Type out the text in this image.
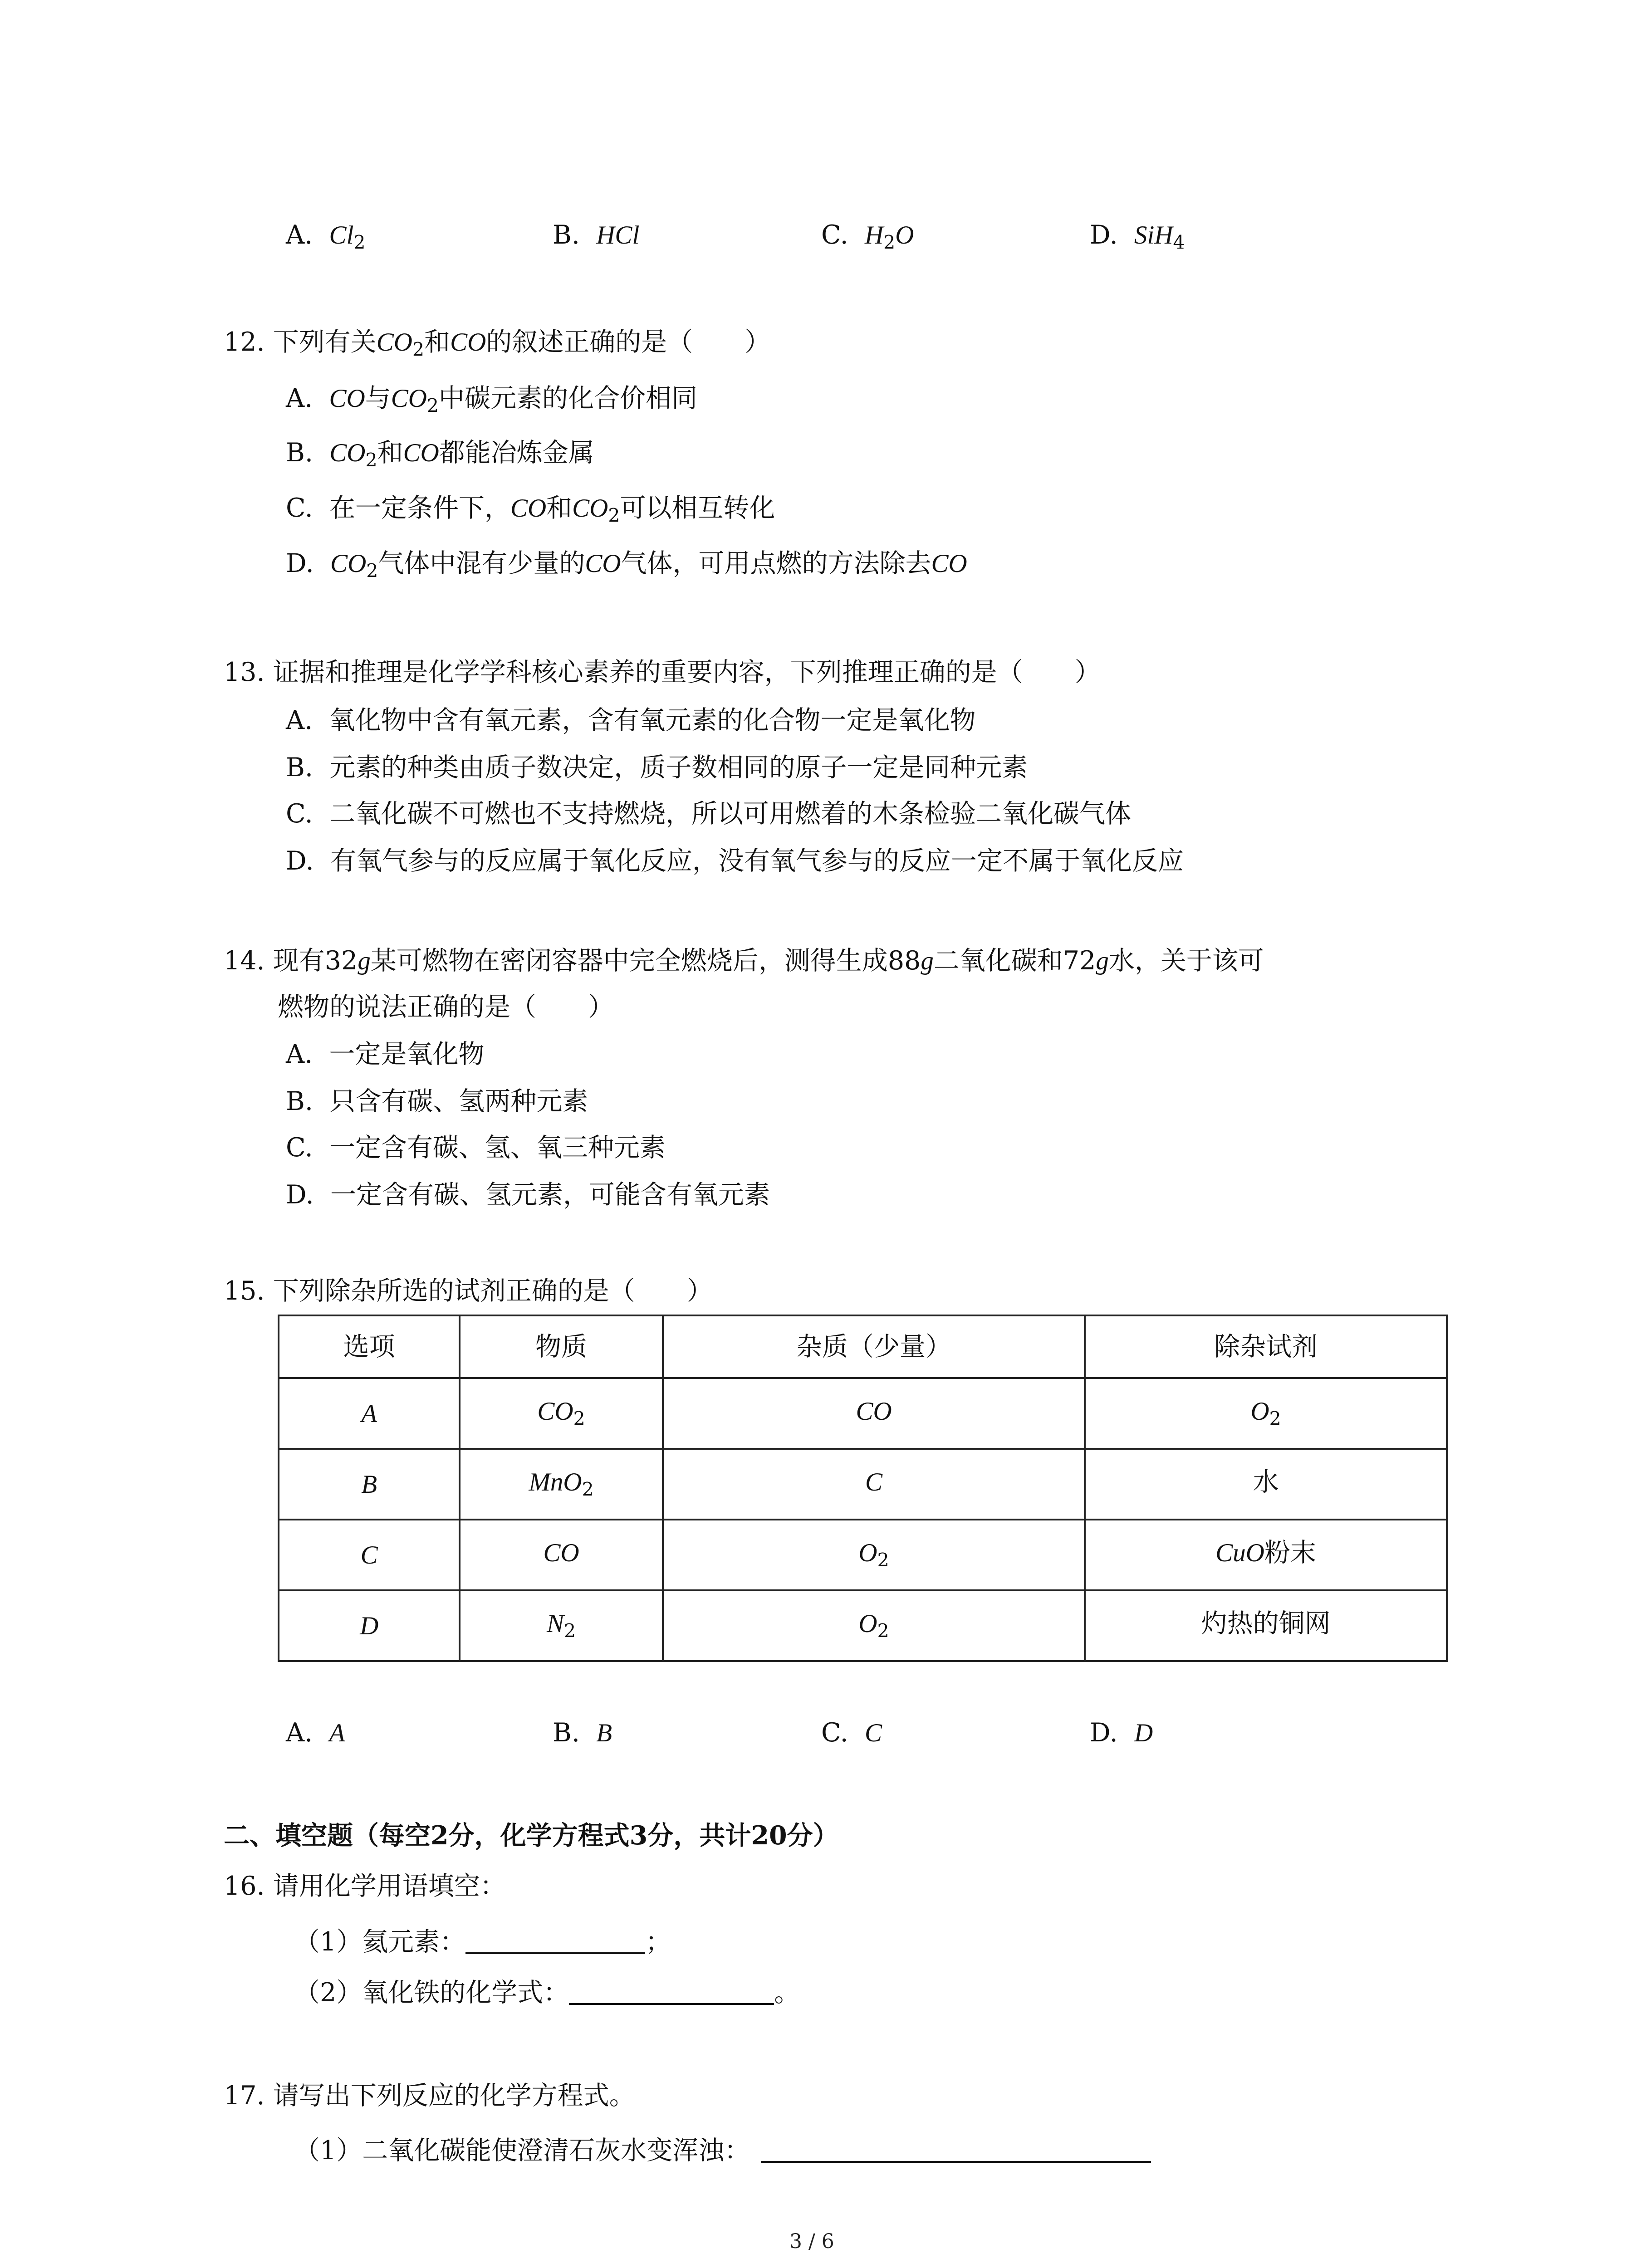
A. $Cl_2$	B. HCl	C. $H_2O$	D. SiH$_4$
12. 下列有关$CO_2$和CO的叙述正确的是（　　）
A. CO与$CO_2$中碳元素的化合价相同
B. $CO_2$和CO都能冶炼金属
C. 在一定条件下，CO和$CO_2$可以相互转化
D. $CO_2$气体中混有少量的CO气体，可用点燃的方法除去CO
13. 证据和推理是化学学科核心素养的重要内容，下列推理正确的是（　　）
A. 氧化物中含有氧元素，含有氧元素的化合物一定是氧化物
B. 元素的种类由质子数决定，质子数相同的原子一定是同种元素
C. 二氧化碳不可燃也不支持燃烧，所以可用燃着的木条检验二氧化碳气体
D. 有氧气参与的反应属于氧化反应，没有氧气参与的反应一定不属于氧化反应
14. 现有32g某可燃物在密闭容器中完全燃烧后，测得生成88g二氧化碳和72g水，关于该可
燃物的说法正确的是（　　）
A. 一定是氧化物
B. 只含有碳、氢两种元素
C. 一定含有碳、氢、氧三种元素
D. 一定含有碳、氢元素，可能含有氧元素
15. 下列除杂所选的试剂正确的是（　　）
选项	物质	杂质（少量）	除杂试剂
A	$CO_2$	CO	$O_2$
B	MnO$_2$	C	水
C	CO	$O_2$	CuO粉末
D	$N_2$	$O_2$	灼热的铜网
A. A	B. B	C. C	D. D
二、填空题（每空2分，化学方程式3分，共计20分）
16. 请用化学用语填空：
（1）氦元素：	；
（2）氧化铁的化学式：	。
17. 请写出下列反应的化学方程式。
（1）二氧化碳能使澄清石灰水变浑浊：
3 / 6
